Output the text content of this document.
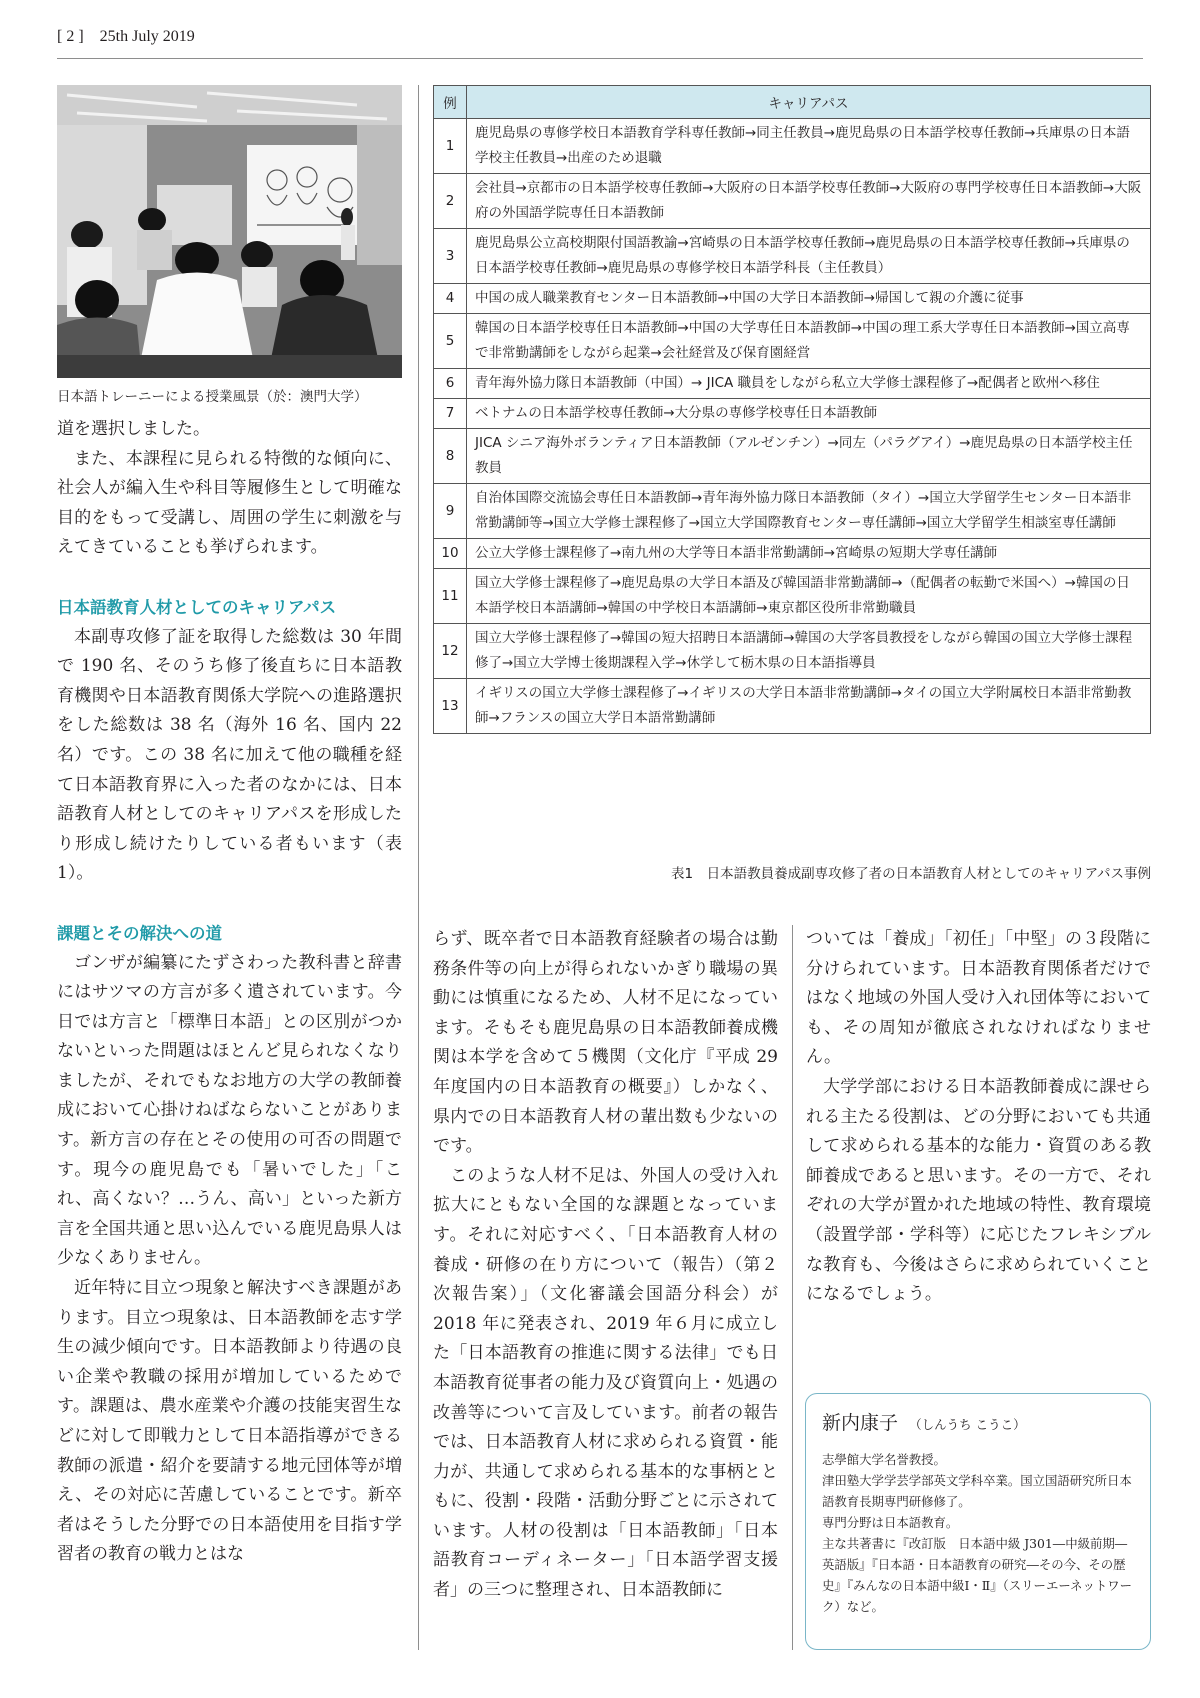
[ 2 ] 25th July 2019
日本語トレーニーによる授業風景（於：澳門大学）

道を選択しました。

また、本課程に見られる特徴的な傾向に、社会人が編入生や科目等履修生として明確な目的をもって受講し、周囲の学生に刺激を与えてきていることも挙げられます。

日本語教育人材としてのキャリアパス

本副専攻修了証を取得した総数は 30 年間で 190 名、そのうち修了後直ちに日本語教育機関や日本語教育関係大学院への進路選択をした総数は 38 名（海外 16 名、国内 22 名）です。この 38 名に加えて他の職種を経て日本語教育界に入った者のなかには、日本語教育人材としてのキャリアパスを形成したり形成し続けたりしている者もいます（表1）。

課題とその解決への道

ゴンザが編纂にたずさわった教科書と辞書にはサツマの方言が多く遺されています。今日では方言と「標準日本語」との区別がつかないといった問題はほとんど見られなくなりましたが、それでもなお地方の大学の教師養成において心掛けねばならないことがあります。新方言の存在とその使用の可否の問題です。現今の鹿児島でも「暑いでした」「これ、高くない？…うん、高い」といった新方言を全国共通と思い込んでいる鹿児島県人は少なくありません。

近年特に目立つ現象と解決すべき課題があります。目立つ現象は、日本語教師を志す学生の減少傾向です。日本語教師より待遇の良い企業や教職の採用が増加しているためです。課題は、農水産業や介護の技能実習生などに対して即戦力として日本語指導ができる教師の派遣・紹介を要請する地元団体等が増え、その対応に苦慮していることです。新卒者はそうした分野での日本語使用を目指す学習者の教育の戦力とはな

例	キャリアパス
1	鹿児島県の専修学校日本語教育学科専任教師→同主任教員→鹿児島県の日本語学校専任教師→兵庫県の日本語学校主任教員→出産のため退職
2	会社員→京都市の日本語学校専任教師→大阪府の日本語学校専任教師→大阪府の専門学校専任日本語教師→大阪府の外国語学院専任日本語教師
3	鹿児島県公立高校期限付国語教諭→宮崎県の日本語学校専任教師→鹿児島県の日本語学校専任教師→兵庫県の日本語学校専任教師→鹿児島県の専修学校日本語学科長（主任教員）
4	中国の成人職業教育センター日本語教師→中国の大学日本語教師→帰国して親の介護に従事
5	韓国の日本語学校専任日本語教師→中国の大学専任日本語教師→中国の理工系大学専任日本語教師→国立高専で非常勤講師をしながら起業→会社経営及び保育園経営
6	青年海外協力隊日本語教師（中国）→ JICA 職員をしながら私立大学修士課程修了→配偶者と欧州へ移住
7	ベトナムの日本語学校専任教師→大分県の専修学校専任日本語教師
8	JICA シニア海外ボランティア日本語教師（アルゼンチン）→同左（パラグアイ）→鹿児島県の日本語学校主任教員
9	自治体国際交流協会専任日本語教師→青年海外協力隊日本語教師（タイ）→国立大学留学生センター日本語非常勤講師等→国立大学修士課程修了→国立大学国際教育センター専任講師→国立大学留学生相談室専任講師
10	公立大学修士課程修了→南九州の大学等日本語非常勤講師→宮崎県の短期大学専任講師
11	国立大学修士課程修了→鹿児島県の大学日本語及び韓国語非常勤講師→（配偶者の転勤で米国へ）→韓国の日本語学校日本語講師→韓国の中学校日本語講師→東京都区役所非常勤職員
12	国立大学修士課程修了→韓国の短大招聘日本語講師→韓国の大学客員教授をしながら韓国の国立大学修士課程修了→国立大学博士後期課程入学→休学して栃木県の日本語指導員
13	イギリスの国立大学修士課程修了→イギリスの大学日本語非常勤講師→タイの国立大学附属校日本語非常勤教師→フランスの国立大学日本語常勤講師
表1　日本語教員養成副専攻修了者の日本語教育人材としてのキャリアパス事例

らず、既卒者で日本語教育経験者の場合は勤務条件等の向上が得られないかぎり職場の異動には慎重になるため、人材不足になっています。そもそも鹿児島県の日本語教師養成機関は本学を含めて５機関（文化庁『平成 29 年度国内の日本語教育の概要』）しかなく、県内での日本語教育人材の輩出数も少ないのです。

このような人材不足は、外国人の受け入れ拡大にともない全国的な課題となっています。それに対応すべく、「日本語教育人材の養成・研修の在り方について（報告）（第２次報告案）」（文化審議会国語分科会）が 2018 年に発表され、2019 年６月に成立した「日本語教育の推進に関する法律」でも日本語教育従事者の能力及び資質向上・処遇の改善等について言及しています。前者の報告では、日本語教育人材に求められる資質・能力が、共通して求められる基本的な事柄とともに、役割・段階・活動分野ごとに示されています。人材の役割は「日本語教師」「日本語教育コーディネーター」「日本語学習支援者」の三つに整理され、日本語教師に

ついては「養成」「初任」「中堅」の３段階に分けられています。日本語教育関係者だけではなく地域の外国人受け入れ団体等においても、その周知が徹底されなければなりません。

大学学部における日本語教師養成に課せられる主たる役割は、どの分野においても共通して求められる基本的な能力・資質のある教師養成であると思います。その一方で、それぞれの大学が置かれた地域の特性、教育環境（設置学部・学科等）に応じたフレキシブルな教育も、今後はさらに求められていくことになるでしょう。

新内康子 （しんうち こうこ）

志學館大学名誉教授。

津田塾大学学芸学部英文学科卒業。国立国語研究所日本語教育長期専門研修修了。

専門分野は日本語教育。

主な共著書に『改訂版　日本語中級 J301―中級前期―英語版』『日本語・日本語教育の研究―その今、その歴史』『みんなの日本語中級Ⅰ・Ⅱ』（スリーエーネットワーク）など。
